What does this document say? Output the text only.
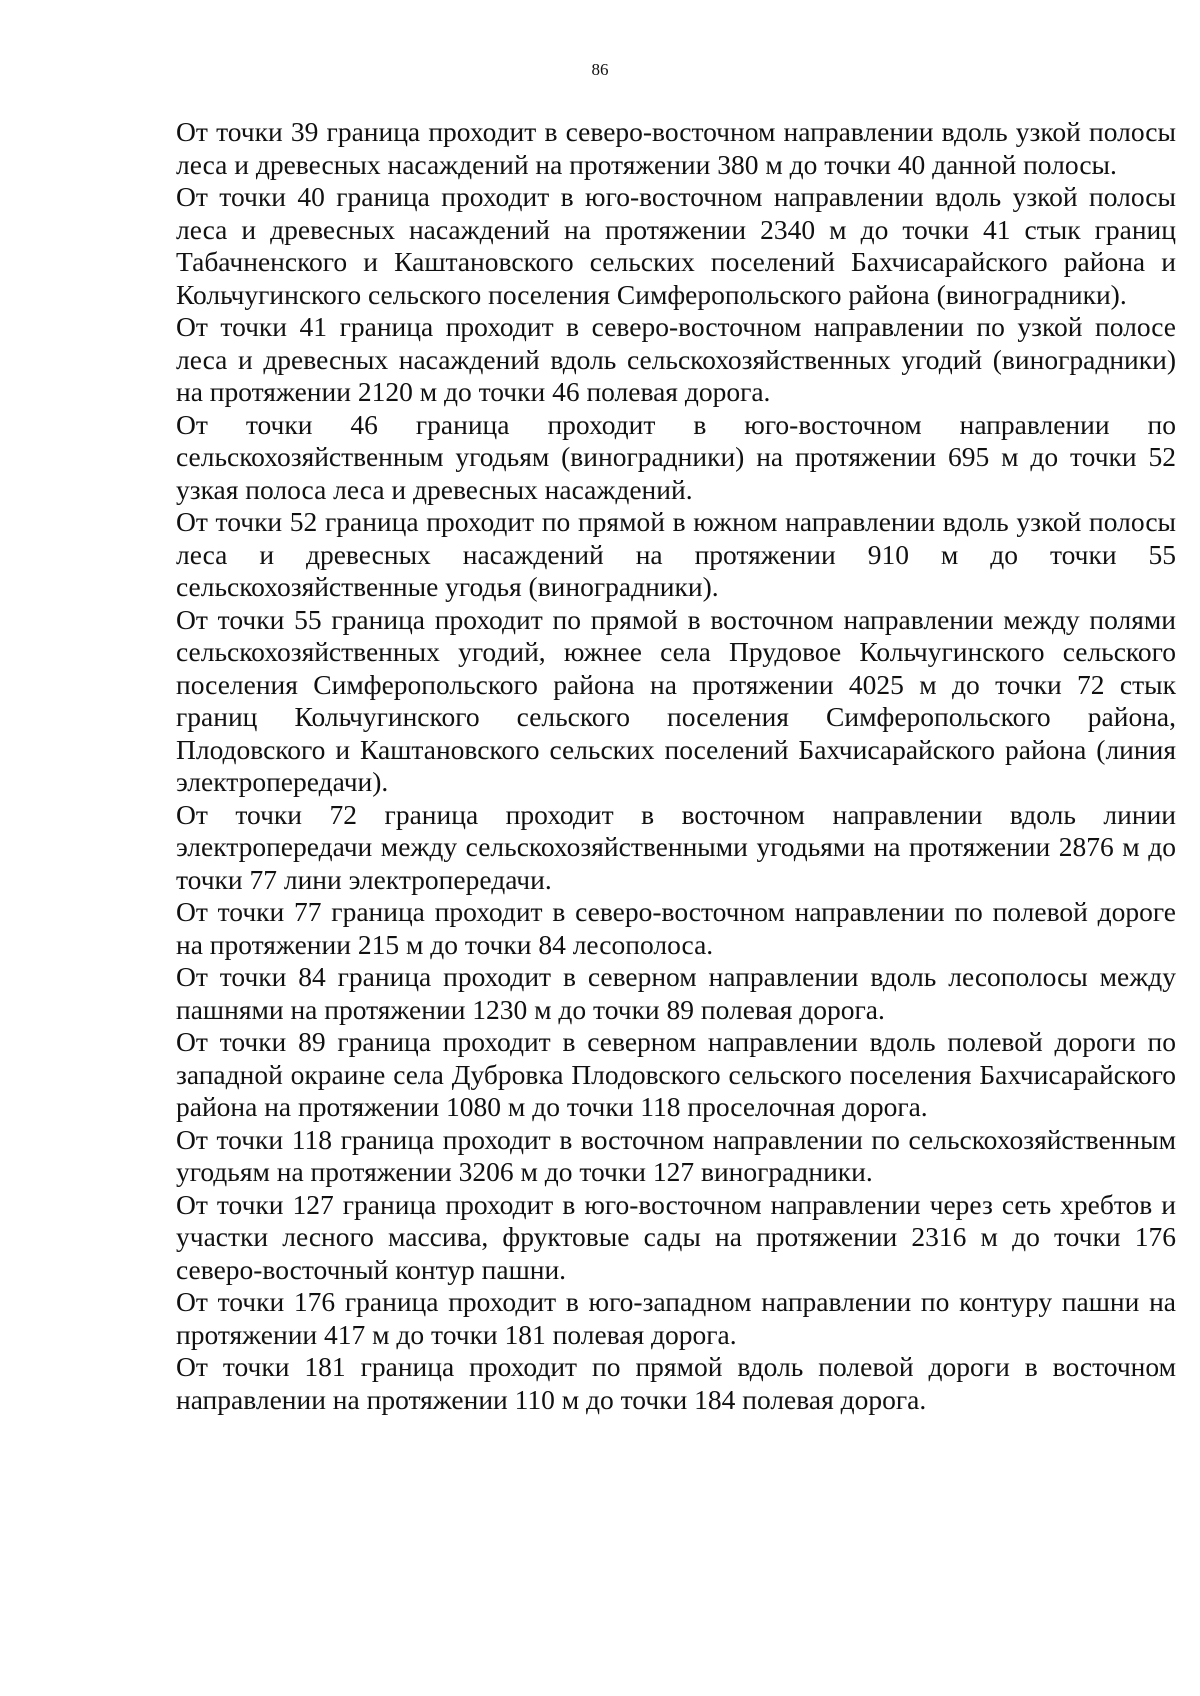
86

От точки 39 граница проходит в северо-восточном направлении вдоль узкой полосы леса и древесных насаждений на протяжении 380 м до точки 40 данной полосы.

От точки 40 граница проходит в юго-восточном направлении вдоль узкой полосы леса и древесных насаждений на протяжении 2340 м до точки 41 стык границ Табачненского и Каштановского сельских поселений Бахчисарайского района и Кольчугинского сельского поселения Симферопольского района (виноградники).

От точки 41 граница проходит в северо-восточном направлении по узкой полосе леса и древесных насаждений вдоль сельскохозяйственных угодий (виноградники) на протяжении 2120 м до точки 46 полевая дорога.

От точки 46 граница проходит в юго-восточном направлении по сельскохозяйственным угодьям (виноградники) на протяжении 695 м до точки 52 узкая полоса леса и древесных насаждений.

От точки 52 граница проходит по прямой в южном направлении вдоль узкой полосы леса и древесных насаждений на протяжении 910 м до точки 55 сельскохозяйственные угодья (виноградники).

От точки 55 граница проходит по прямой в восточном направлении между полями сельскохозяйственных угодий, южнее села Прудовое Кольчугинского сельского поселения Симферопольского района на протяжении 4025 м до точки 72 стык границ Кольчугинского сельского поселения Симферопольского района, Плодовского и Каштановского сельских поселений Бахчисарайского района (линия электропередачи).

От точки 72 граница проходит в восточном направлении вдоль линии электропередачи между сельскохозяйственными угодьями на протяжении 2876 м до точки 77 лини электропередачи.

От точки 77 граница проходит в северо-восточном направлении по полевой дороге на протяжении 215 м до точки 84 лесополоса.

От точки 84 граница проходит в северном направлении вдоль лесополосы между пашнями на протяжении 1230 м до точки 89 полевая дорога.

От точки 89 граница проходит в северном направлении вдоль полевой дороги по западной окраине села Дубровка Плодовского сельского поселения Бахчисарайского района на протяжении 1080 м до точки 118 проселочная дорога.

От точки 118 граница проходит в восточном направлении по сельскохозяйственным угодьям на протяжении 3206 м до точки 127 виноградники.

От точки 127 граница проходит в юго-восточном направлении через сеть хребтов и участки лесного массива, фруктовые сады на протяжении 2316 м до точки 176 северо-восточный контур пашни.

От точки 176 граница проходит в юго-западном направлении по контуру пашни на протяжении 417 м до точки 181 полевая дорога.

От точки 181 граница проходит по прямой вдоль полевой дороги в восточном направлении на протяжении 110 м до точки 184 полевая дорога.
